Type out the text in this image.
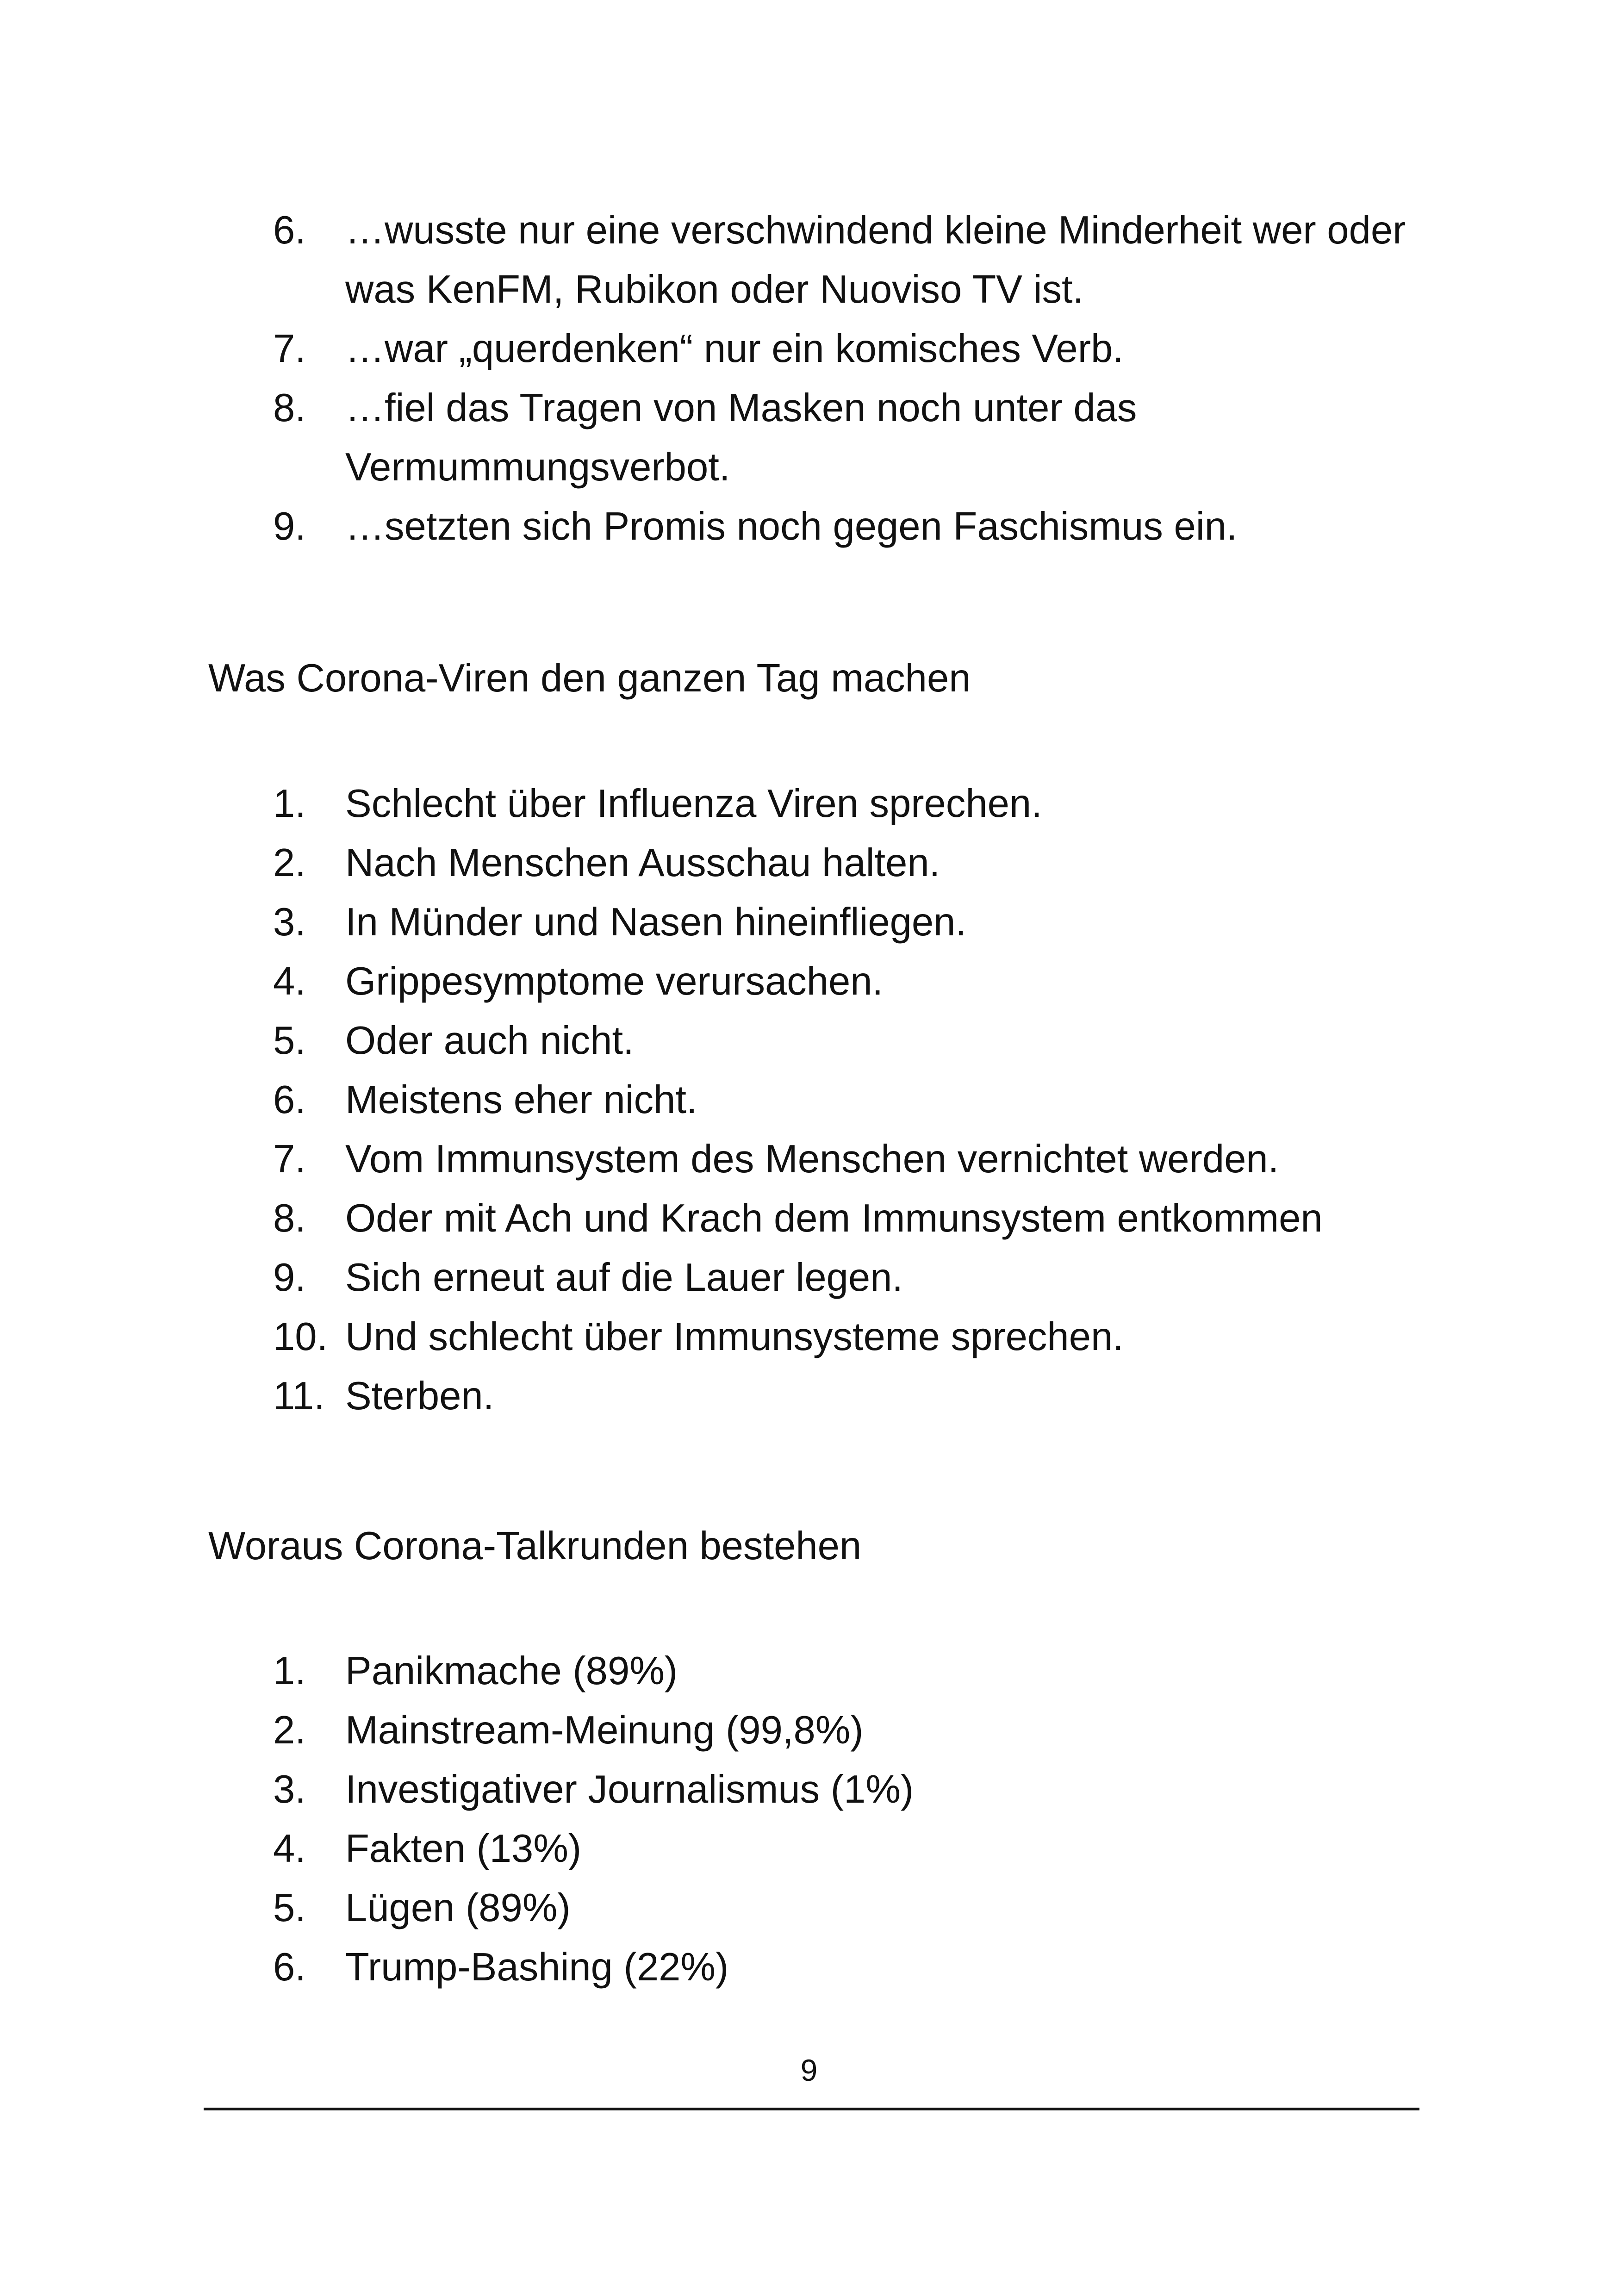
6.	…wusste nur eine verschwindend kleine Minderheit wer oder was KenFM, Rubikon oder Nuoviso TV ist.
7.	…war „querdenken“ nur ein komisches Verb.
8.	…fiel das Tragen von Masken noch unter das Vermummungsverbot.
9.	…setzten sich Promis noch gegen Faschismus ein.
Was Corona-Viren den ganzen Tag machen
1.	Schlecht über Influenza Viren sprechen.
2.	Nach Menschen Ausschau halten.
3.	In Münder und Nasen hineinfliegen.
4.	Grippesymptome verursachen.
5.	Oder auch nicht.
6.	Meistens eher nicht.
7.	Vom Immunsystem des Menschen vernichtet werden.
8.	Oder mit Ach und Krach dem Immunsystem entkommen
9.	Sich erneut auf die Lauer legen.
10. Und schlecht über Immunsysteme sprechen.
11. Sterben.
Woraus Corona-Talkrunden bestehen
1.	Panikmache (89%)
2.	Mainstream-Meinung (99,8%)
3.	Investigativer Journalismus (1%)
4.	Fakten (13%)
5.	Lügen (89%)
6.	Trump-Bashing (22%)
9
